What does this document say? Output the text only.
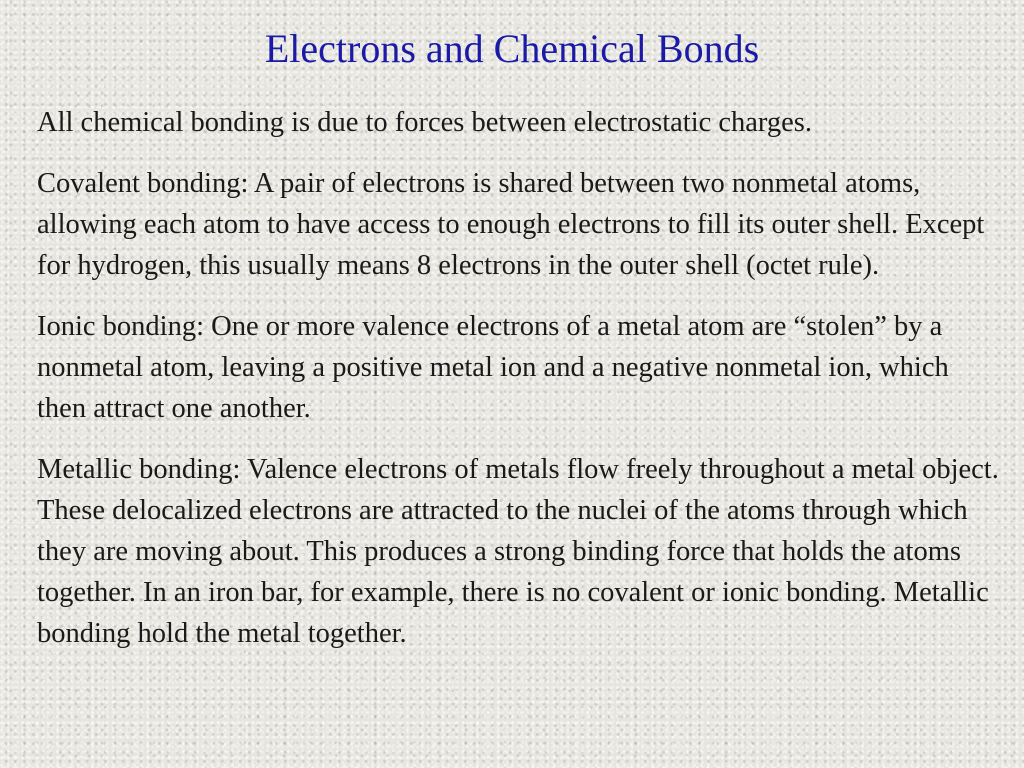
Electrons and Chemical Bonds

All chemical bonding is due to forces between electrostatic charges.

Covalent bonding: A pair of electrons is shared between two nonmetal atoms, allowing each atom to have access to enough electrons to fill its outer shell. Except for hydrogen, this usually means 8 electrons in the outer shell (octet rule).

Ionic bonding: One or more valence electrons of a metal atom are “stolen” by a nonmetal atom, leaving a positive metal ion and a negative nonmetal ion, which then attract one another.

Metallic bonding: Valence electrons of metals flow freely throughout a metal object. These delocalized electrons are attracted to the nuclei of the atoms through which they are moving about. This produces a strong binding force that holds the atoms together. In an iron bar, for example, there is no covalent or ionic bonding. Metallic bonding hold the metal together.
